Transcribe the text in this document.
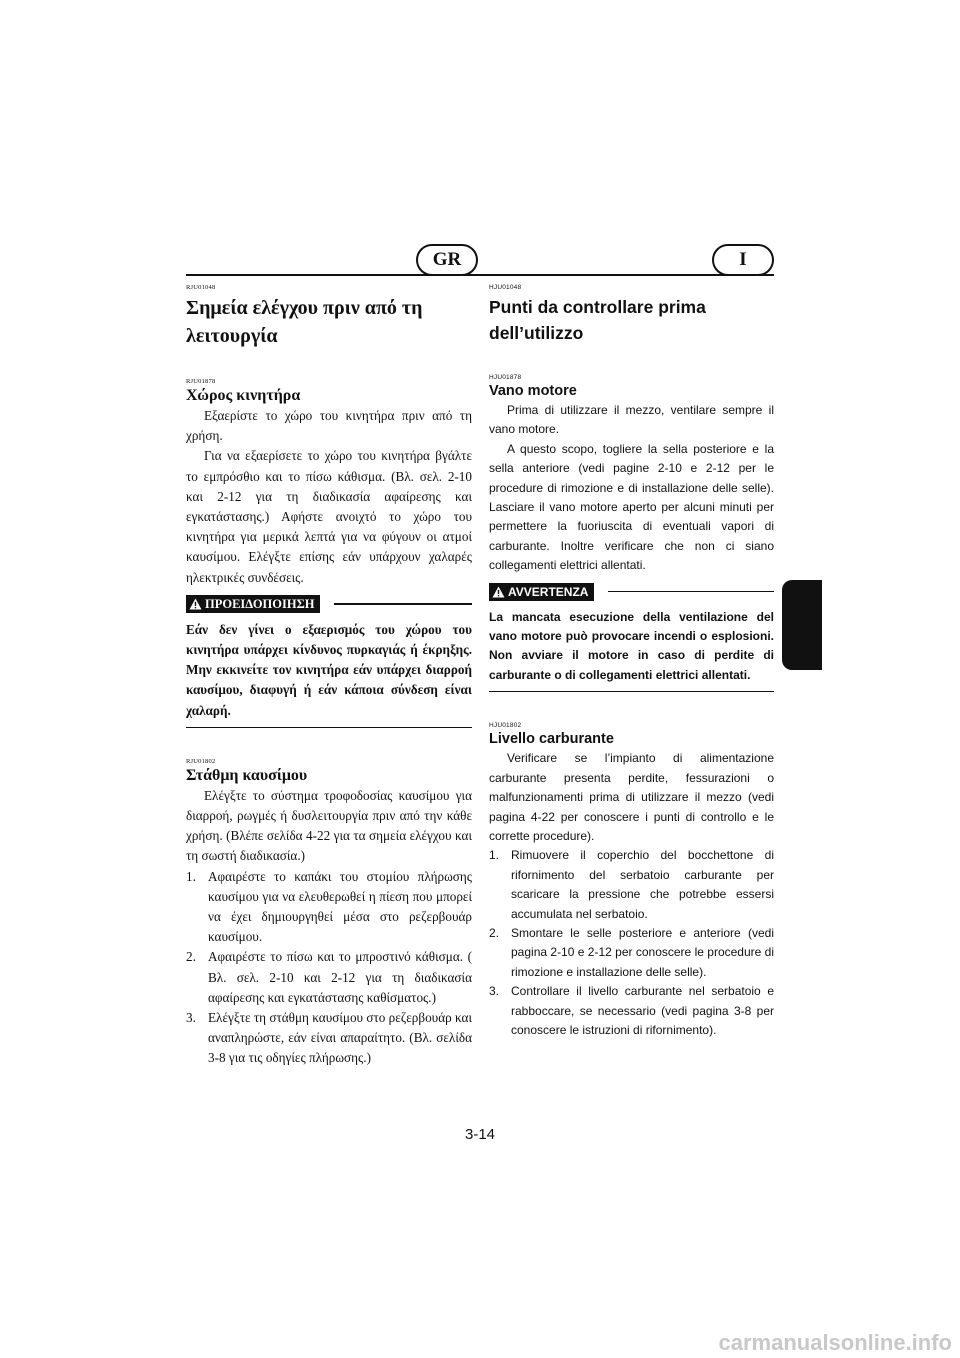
GR	I
RJU01048
Σημεία ελέγχου πριν από τη
λειτουργία
RJU01878
Χώρος κινητήρα

Εξαερίστε το χώρο του κινητήρα πριν από τη χρήση.

Για να εξαερίσετε το χώρο του κινητήρα βγάλτε το εμπρόσθιο και το πίσω κάθισμα. (Βλ. σελ. 2-10 και 2-12 για τη διαδικασία αφαίρεσης και εγκατάστασης.) Αφήστε ανοιχτό το χώρο του κινητήρα για μερικά λεπτά για να φύγουν οι ατμοί καυσίμου. Ελέγξτε επίσης εάν υπάρχουν χαλαρές ηλεκτρικές συνδέσεις.

ΠΡΟΕΙΔΟΠΟΙΗΣΗ

Εάν δεν γίνει ο εξαερισμός του χώρου του κινητήρα υπάρχει κίνδυνος πυρκαγιάς ή έκρηξης. Μην εκκινείτε τον κινητήρα εάν υπάρχει διαρροή καυσίμου, διαφυγή ή εάν κάποια σύνδεση είναι χαλαρή.

RJU01802
Στάθμη καυσίμου

Ελέγξτε το σύστημα τροφοδοσίας καυσίμου για διαρροή, ρωγμές ή δυσλειτουργία πριν από την κάθε χρήση. (Βλέπε σελίδα 4-22 για τα σημεία ελέγχου και τη σωστή διαδικασία.)

1. Αφαιρέστε το καπάκι του στομίου πλήρωσης καυσίμου για να ελευθερωθεί η πίεση που μπορεί να έχει δημιουργηθεί μέσα στο ρεζερβουάρ καυσίμου.
2. Αφαιρέστε το πίσω και το μπροστινό κάθισμα. ( Βλ. σελ. 2-10 και 2-12 για τη διαδικασία αφαίρεσης και εγκατάστασης καθίσματος.)
3. Ελέγξτε τη στάθμη καυσίμου στο ρεζερβουάρ και αναπληρώστε, εάν είναι απαραίτητο. (Βλ. σελίδα 3-8 για τις οδηγίες πλήρωσης.)
HJU01048
Punti da controllare prima
dell’utilizzo
HJU01878
Vano motore

Prima di utilizzare il mezzo, ventilare sempre il vano motore.

A questo scopo, togliere la sella posteriore e la sella anteriore (vedi pagine 2-10 e 2-12 per le procedure di rimozione e di installazione delle selle). Lasciare il vano motore aperto per alcuni minuti per permettere la fuoriuscita di eventuali vapori di carburante. Inoltre verificare che non ci siano collegamenti elettrici allentati.

AVVERTENZA

La mancata esecuzione della ventilazione del vano motore può provocare incendi o esplosioni. Non avviare il motore in caso di perdite di carburante o di collegamenti elettrici allentati.

HJU01802
Livello carburante

Verificare se l’impianto di alimentazione carburante presenta perdite, fessurazioni o malfunzionamenti prima di utilizzare il mezzo (vedi pagina 4-22 per conoscere i punti di controllo e le corrette procedure).

1. Rimuovere il coperchio del bocchettone di rifornimento del serbatoio carburante per scaricare la pressione che potrebbe essersi accumulata nel serbatoio.
2. Smontare le selle posteriore e anteriore (vedi pagina 2-10 e 2-12 per conoscere le procedure di rimozione e installazione delle selle).
3. Controllare il livello carburante nel serbatoio e rabboccare, se necessario (vedi pagina 3-8 per conoscere le istruzioni di rifornimento).
3-14
carmanualsonline.info
